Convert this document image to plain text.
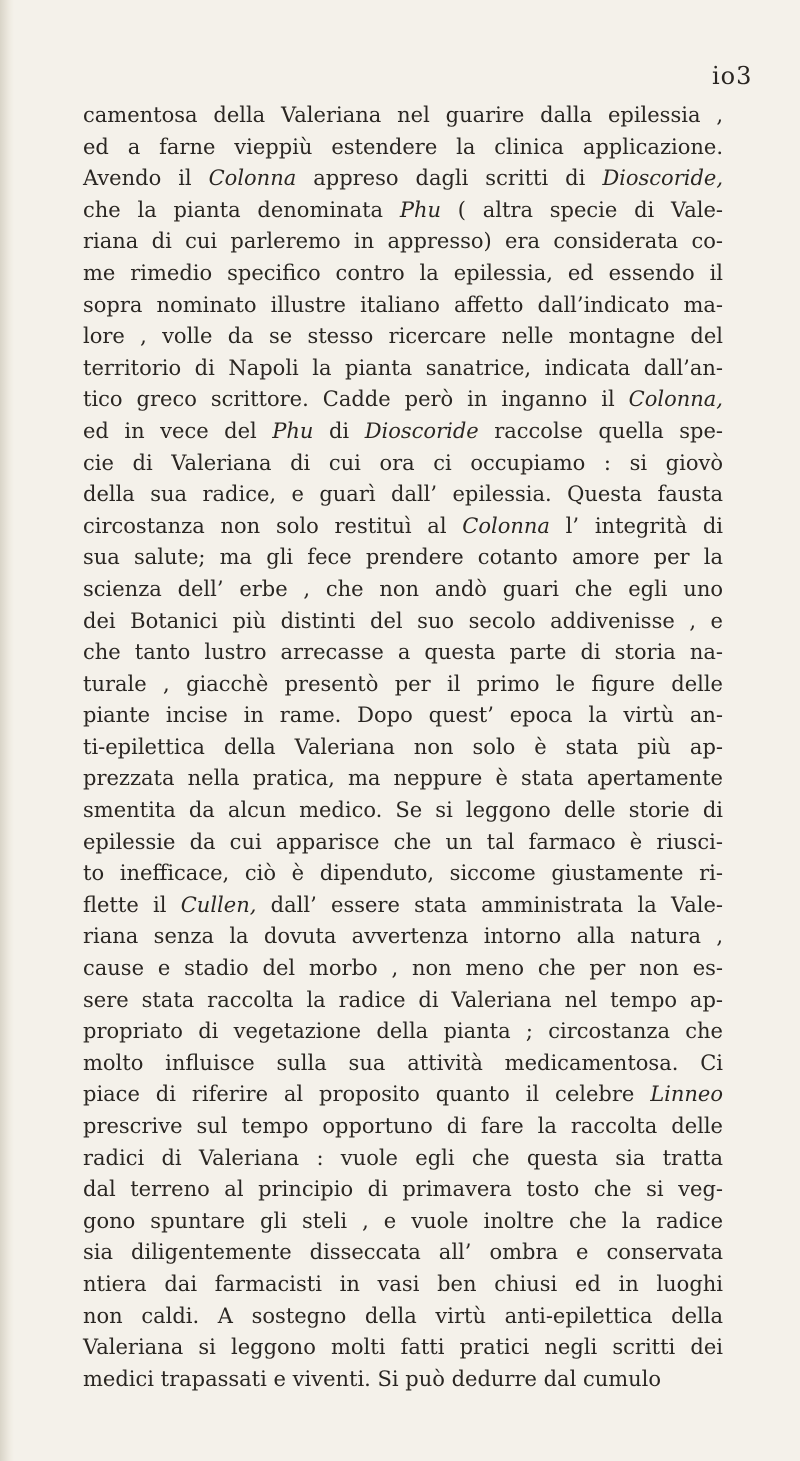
io3
camentosa della Valeriana nel guarire dalla epilessia ,
ed a farne vieppiù estendere la clinica applicazione.
Avendo il Colonna appreso dagli scritti di Dioscoride,
che la pianta denominata Phu ( altra specie di Vale-
riana di cui parleremo in appresso) era considerata co-
me rimedio specifico contro la epilessia, ed essendo il
sopra nominato illustre italiano affetto dall’indicato ma-
lore , volle da se stesso ricercare nelle montagne del
territorio di Napoli la pianta sanatrice, indicata dall’an-
tico greco scrittore. Cadde però in inganno il Colonna,
ed in vece del Phu di Dioscoride raccolse quella spe-
cie di Valeriana di cui ora ci occupiamo : si giovò
della sua radice, e guarì dall’ epilessia. Questa fausta
circostanza non solo restituì al Colonna l’ integrità di
sua salute; ma gli fece prendere cotanto amore per la
scienza dell’ erbe , che non andò guari che egli uno
dei Botanici più distinti del suo secolo addivenisse , e
che tanto lustro arrecasse a questa parte di storia na-
turale , giacchè presentò per il primo le figure delle
piante incise in rame. Dopo quest’ epoca la virtù an-
ti-epilettica della Valeriana non solo è stata più ap-
prezzata nella pratica, ma neppure è stata apertamente
smentita da alcun medico. Se si leggono delle storie di
epilessie da cui apparisce che un tal farmaco è riusci-
to inefficace, ciò è dipenduto, siccome giustamente ri-
flette il Cullen, dall’ essere stata amministrata la Vale-
riana senza la dovuta avvertenza intorno alla natura ,
cause e stadio del morbo , non meno che per non es-
sere stata raccolta la radice di Valeriana nel tempo ap-
propriato di vegetazione della pianta ; circostanza che
molto influisce sulla sua attività medicamentosa. Ci
piace di riferire al proposito quanto il celebre Linneo
prescrive sul tempo opportuno di fare la raccolta delle
radici di Valeriana : vuole egli che questa sia tratta
dal terreno al principio di primavera tosto che si veg-
gono spuntare gli steli , e vuole inoltre che la radice
sia diligentemente disseccata all’ ombra e conservata
ntiera dai farmacisti in vasi ben chiusi ed in luoghi
non caldi. A sostegno della virtù anti-epilettica della
Valeriana si leggono molti fatti pratici negli scritti dei
medici trapassati e viventi. Si può dedurre dal cumulo
